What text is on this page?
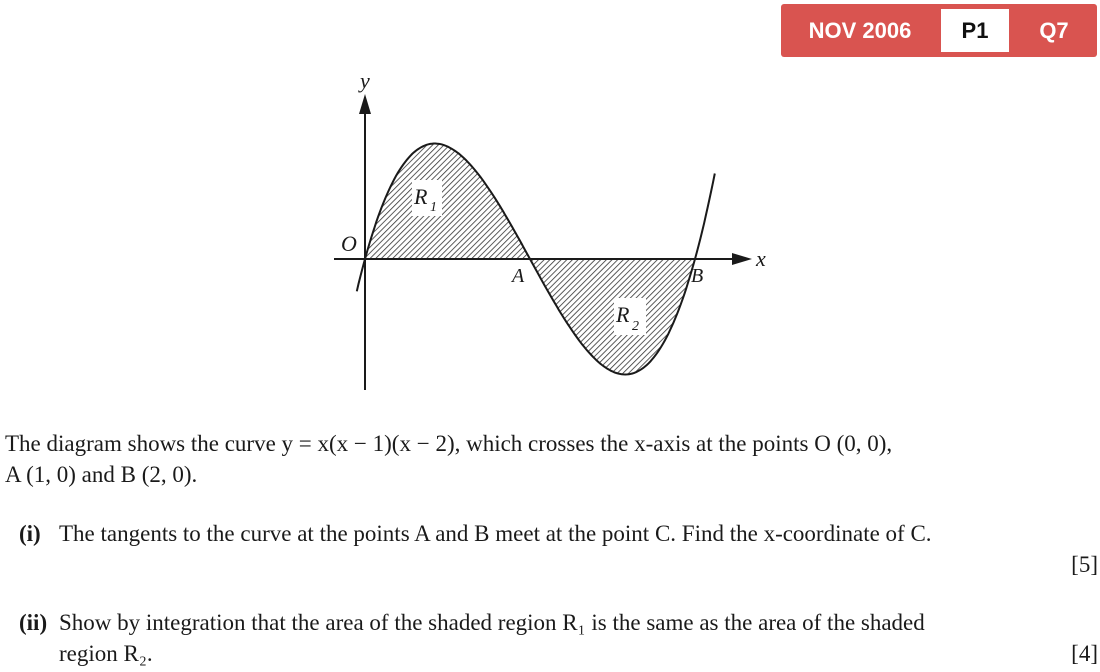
NOV 2006	P1	Q7
y
x
O
A	B
R 1
R 2
The diagram shows the curve y = x(x − 1)(x − 2), which crosses the x-axis at the points O (0, 0),
A (1, 0) and B (2, 0).
(i) The tangents to the curve at the points A and B meet at the point C. Find the x-coordinate of C.
[5]
(ii) Show by integration that the area of the shaded region R₁ is the same as the area of the shaded
region R₂.	[4]
